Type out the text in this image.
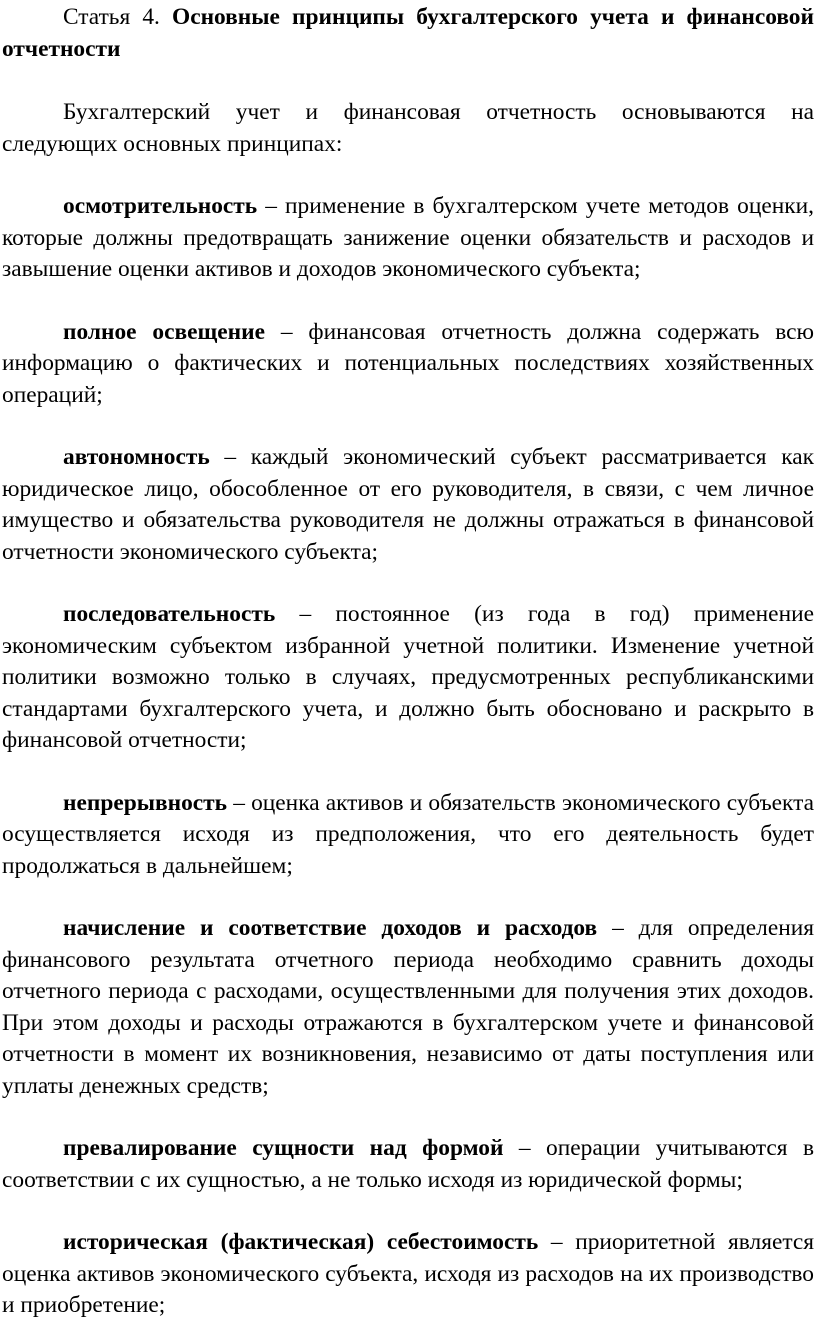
Статья 4. Основные принципы бухгалтерского учета и финансовой отчетности

Бухгалтерский учет и финансовая отчетность основываются на следующих основных принципах:

осмотрительность – применение в бухгалтерском учете методов оценки, которые должны предотвращать занижение оценки обязательств и расходов и завышение оценки активов и доходов экономического субъекта;

полное освещение – финансовая отчетность должна содержать всю информацию о фактических и потенциальных последствиях хозяйственных операций;

автономность – каждый экономический субъект рассматривается как юридическое лицо, обособленное от его руководителя, в связи, с чем личное имущество и обязательства руководителя не должны отражаться в финансовой отчетности экономического субъекта;

последовательность – постоянное (из года в год) применение экономическим субъектом избранной учетной политики. Изменение учетной политики возможно только в случаях, предусмотренных республиканскими стандартами бухгалтерского учета, и должно быть обосновано и раскрыто в финансовой отчетности;

непрерывность – оценка активов и обязательств экономического субъекта осуществляется исходя из предположения, что его деятельность будет продолжаться в дальнейшем;

начисление и соответствие доходов и расходов – для определения финансового результата отчетного периода необходимо сравнить доходы отчетного периода с расходами, осуществленными для получения этих доходов. При этом доходы и расходы отражаются в бухгалтерском учете и финансовой отчетности в момент их возникновения, независимо от даты поступления или уплаты денежных средств;

превалирование сущности над формой – операции учитываются в соответствии с их сущностью, а не только исходя из юридической формы;

историческая (фактическая) себестоимость – приоритетной является оценка активов экономического субъекта, исходя из расходов на их производство и приобретение;
